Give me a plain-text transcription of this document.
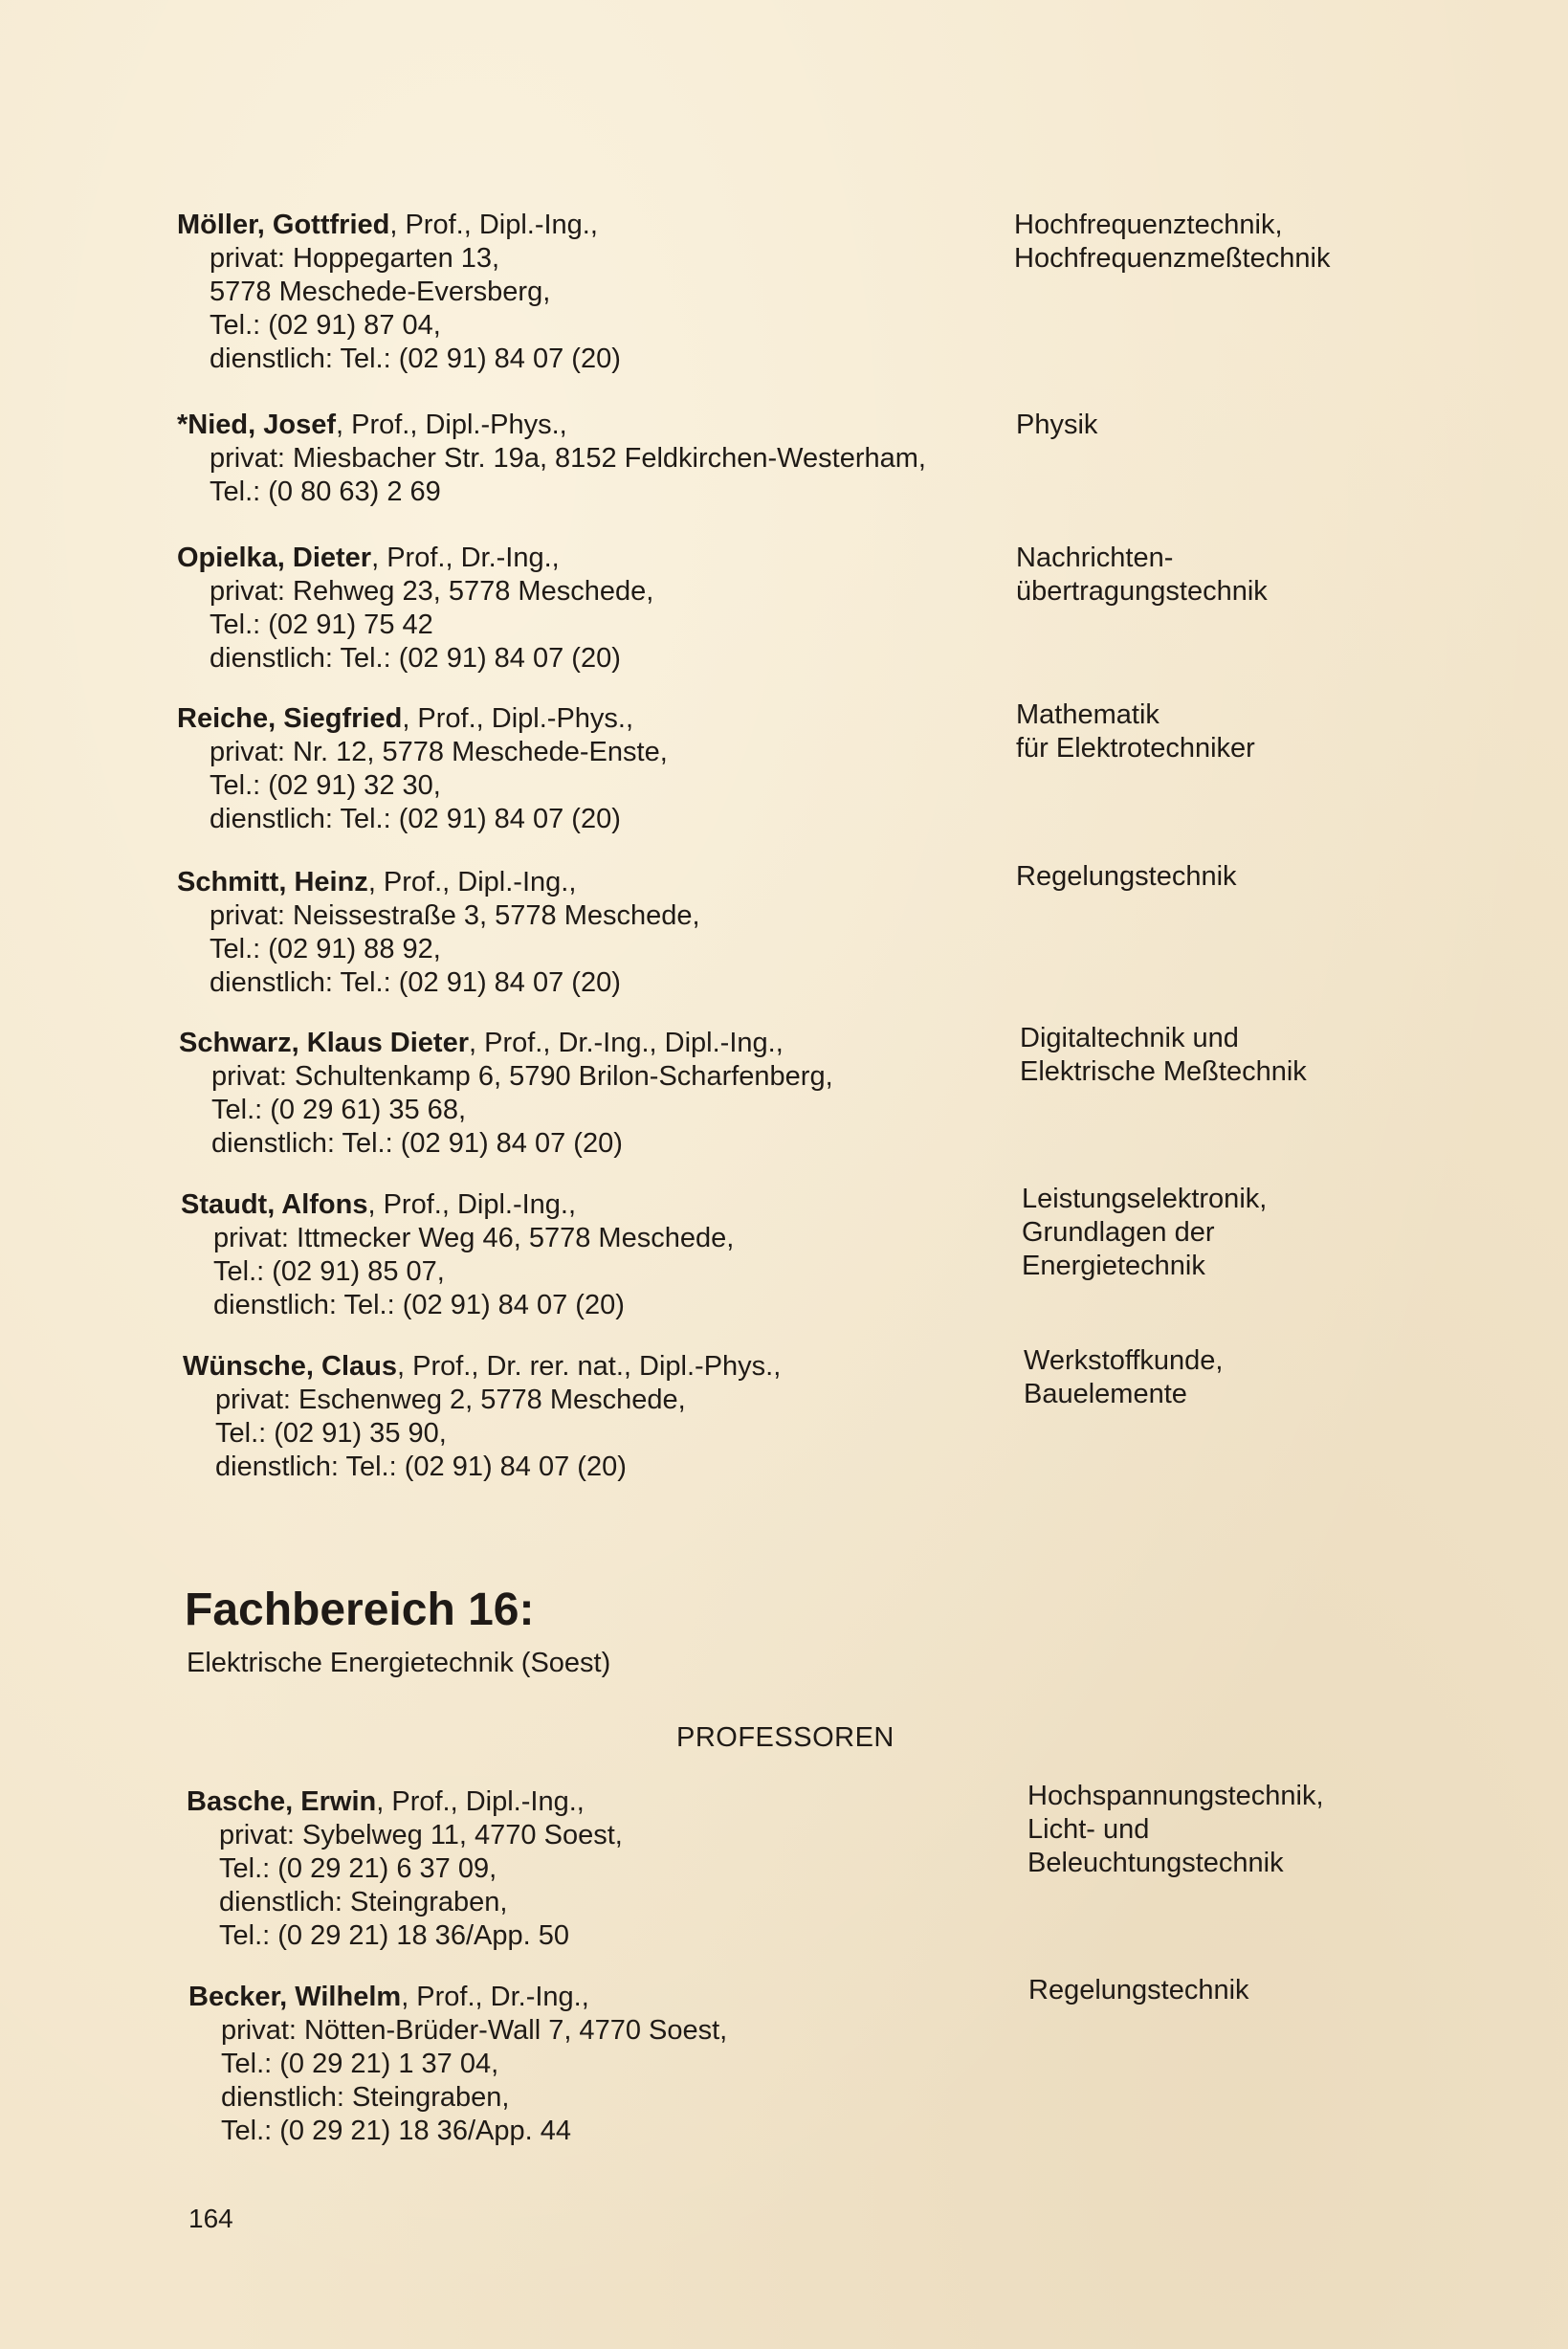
Möller, Gottfried, Prof., Dipl.-Ing.,
privat: Hoppegarten 13,
5778 Meschede-Eversberg,
Tel.: (02 91) 87 04,
dienstlich: Tel.: (02 91) 84 07 (20)
Hochfrequenztechnik,
Hochfrequenzmeßtechnik
*Nied, Josef, Prof., Dipl.-Phys.,
privat: Miesbacher Str. 19a, 8152 Feldkirchen-Westerham,
Tel.: (0 80 63) 2 69
Physik
Opielka, Dieter, Prof., Dr.-Ing.,
privat: Rehweg 23, 5778 Meschede,
Tel.: (02 91) 75 42
dienstlich: Tel.: (02 91) 84 07 (20)
Nachrichten-
übertragungstechnik
Reiche, Siegfried, Prof., Dipl.-Phys.,
privat: Nr. 12, 5778 Meschede-Enste,
Tel.: (02 91) 32 30,
dienstlich: Tel.: (02 91) 84 07 (20)
Mathematik
für Elektrotechniker
Schmitt, Heinz, Prof., Dipl.-Ing.,
privat: Neissestraße 3, 5778 Meschede,
Tel.: (02 91) 88 92,
dienstlich: Tel.: (02 91) 84 07 (20)
Regelungstechnik
Schwarz, Klaus Dieter, Prof., Dr.-Ing., Dipl.-Ing.,
privat: Schultenkamp 6, 5790 Brilon-Scharfenberg,
Tel.: (0 29 61) 35 68,
dienstlich: Tel.: (02 91) 84 07 (20)
Digitaltechnik und
Elektrische Meßtechnik
Staudt, Alfons, Prof., Dipl.-Ing.,
privat: Ittmecker Weg 46, 5778 Meschede,
Tel.: (02 91) 85 07,
dienstlich: Tel.: (02 91) 84 07 (20)
Leistungselektronik,
Grundlagen der
Energietechnik
Wünsche, Claus, Prof., Dr. rer. nat., Dipl.-Phys.,
privat: Eschenweg 2, 5778 Meschede,
Tel.: (02 91) 35 90,
dienstlich: Tel.: (02 91) 84 07 (20)
Werkstoffkunde,
Bauelemente
Fachbereich 16:
Elektrische Energietechnik (Soest)
PROFESSOREN
Basche, Erwin, Prof., Dipl.-Ing.,
privat: Sybelweg 11, 4770 Soest,
Tel.: (0 29 21) 6 37 09,
dienstlich: Steingraben,
Tel.: (0 29 21) 18 36/App. 50
Hochspannungstechnik,
Licht- und
Beleuchtungstechnik
Becker, Wilhelm, Prof., Dr.-Ing.,
privat: Nötten-Brüder-Wall 7, 4770 Soest,
Tel.: (0 29 21) 1 37 04,
dienstlich: Steingraben,
Tel.: (0 29 21) 18 36/App. 44
Regelungstechnik
164
